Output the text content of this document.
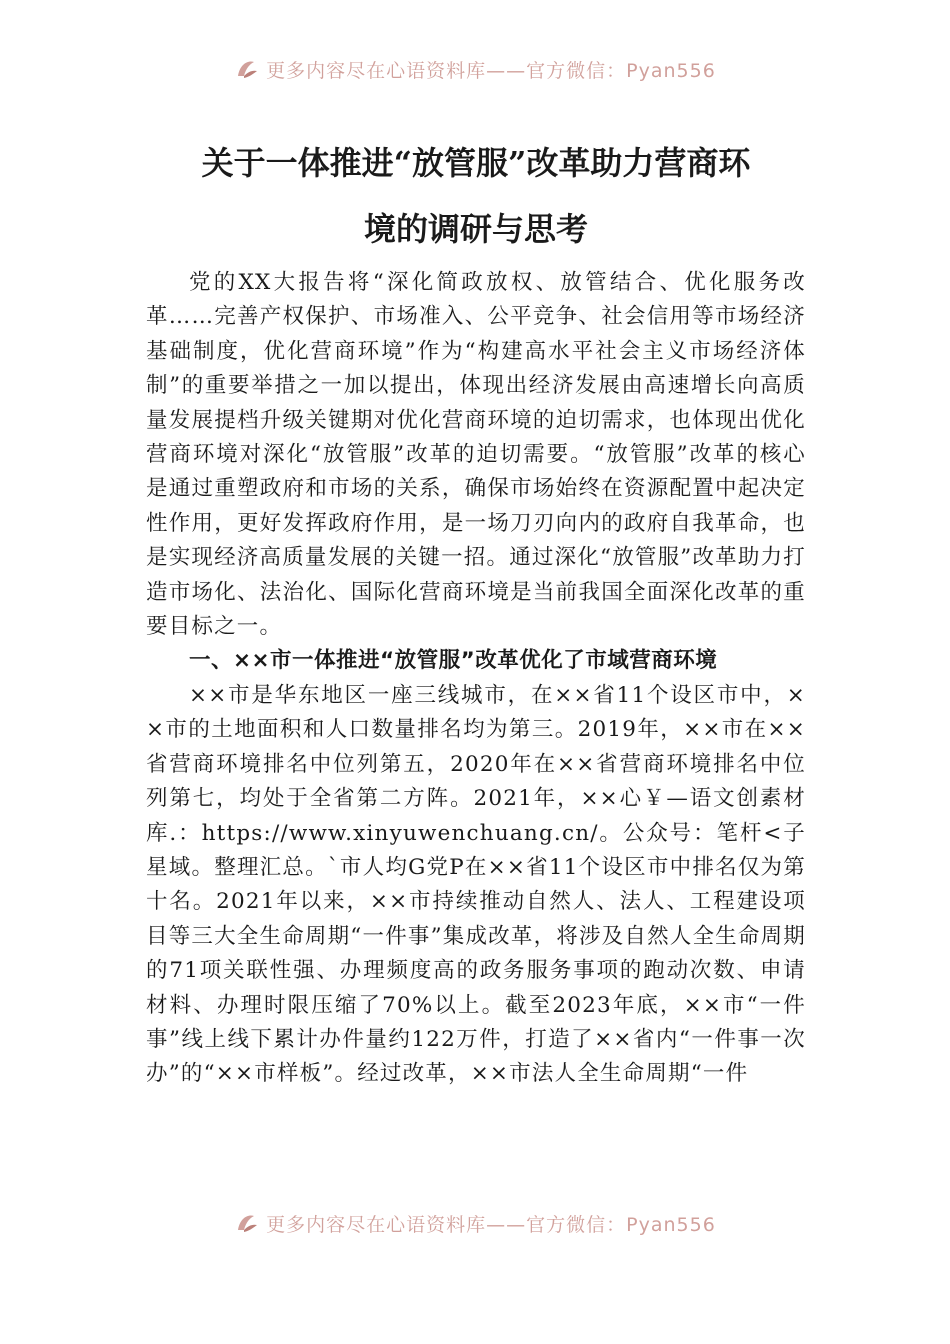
更多内容尽在心语资料库——官方微信：Pyan556
关于一体推进“放管服”改革助力营商环
境的调研与思考

党的XX大报告将“深化简政放权、放管结合、优化服务改革……完善产权保护、市场准入、公平竞争、社会信用等市场经济基础制度，优化营商环境”作为“构建高水平社会主义市场经济体制”的重要举措之一加以提出，体现出经济发展由高速增长向高质量发展提档升级关键期对优化营商环境的迫切需求，也体现出优化营商环境对深化“放管服”改革的迫切需要。“放管服”改革的核心是通过重塑政府和市场的关系，确保市场始终在资源配置中起决定性作用，更好发挥政府作用，是一场刀刃向内的政府自我革命，也是实现经济高质量发展的关键一招。通过深化“放管服”改革助力打造市场化、法治化、国际化营商环境是当前我国全面深化改革的重要目标之一。

一、××市一体推进“放管服”改革优化了市域营商环境

××市是华东地区一座三线城市，在××省11个设区市中，××市的土地面积和人口数量排名均为第三。2019年，××市在××省营商环境排名中位列第五，2020年在××省营商环境排名中位列第七，均处于全省第二方阵。2021年，××心￥—语文创素材库.：https://www.xinyuwenchuang.cn/。公众号：笔杆<子星域。整理汇总。`市人均G党P在××省11个设区市中排名仅为第十名。2021年以来，××市持续推动自然人、法人、工程建设项目等三大全生命周期“一件事”集成改革，将涉及自然人全生命周期的71项关联性强、办理频度高的政务服务事项的跑动次数、申请材料、办理时限压缩了70%以上。截至2023年底，××市“一件事”线上线下累计办件量约122万件，打造了××省内“一件事一次办”的“××市样板”。经过改革，××市法人全生命周期“一件

更多内容尽在心语资料库——官方微信：Pyan556
